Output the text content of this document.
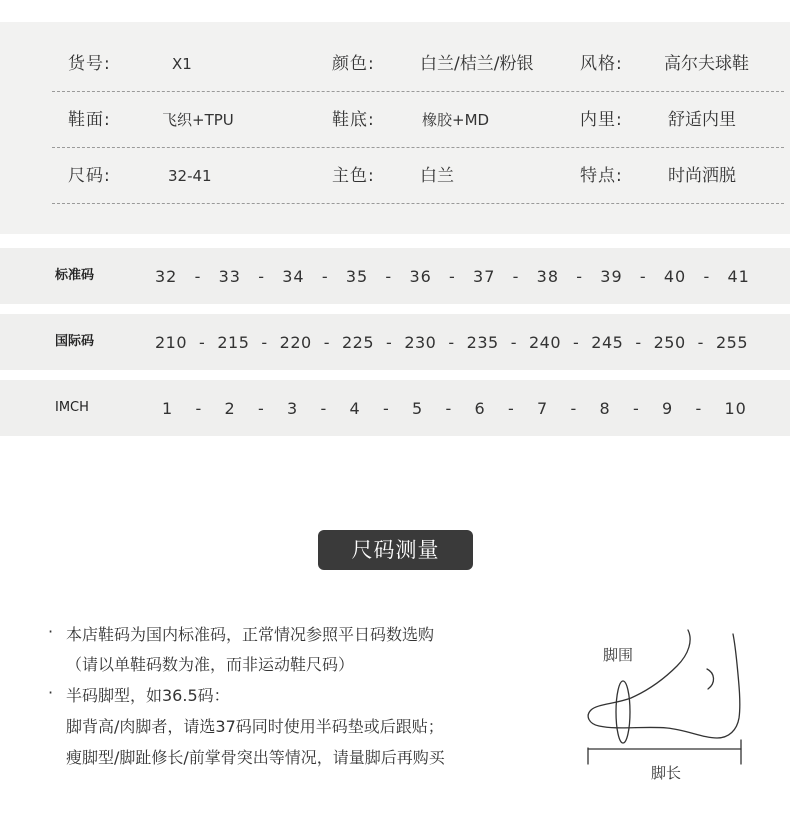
货号:	X1	颜色:	白兰/桔兰/粉银	风格: 高尔夫球鞋
鞋面:	飞织+TPU	鞋底:	橡胶+MD	内里:	舒适内里
尺码:	32-41	主色:	白兰	特点:	时尚洒脱
标准码	32 - 33 - 34 - 35 - 36 - 37 - 38 - 39 - 40 - 41
国际码	210 - 215 - 220 - 225 - 230 - 235 - 240 - 245 - 250 - 255
IMCH	1 - 2 - 3 - 4 - 5 - 6 - 7 - 8 - 9 - 10
尺码测量
· 本店鞋码为国内标准码，正常情况参照平日码数选购
（请以单鞋码数为准，而非运动鞋尺码）
· 半码脚型，如36.5码：
脚背高/肉脚者，请选37码同时使用半码垫或后跟贴；
瘦脚型/脚趾修长/前掌骨突出等情况，请量脚后再购买
脚围
脚长
